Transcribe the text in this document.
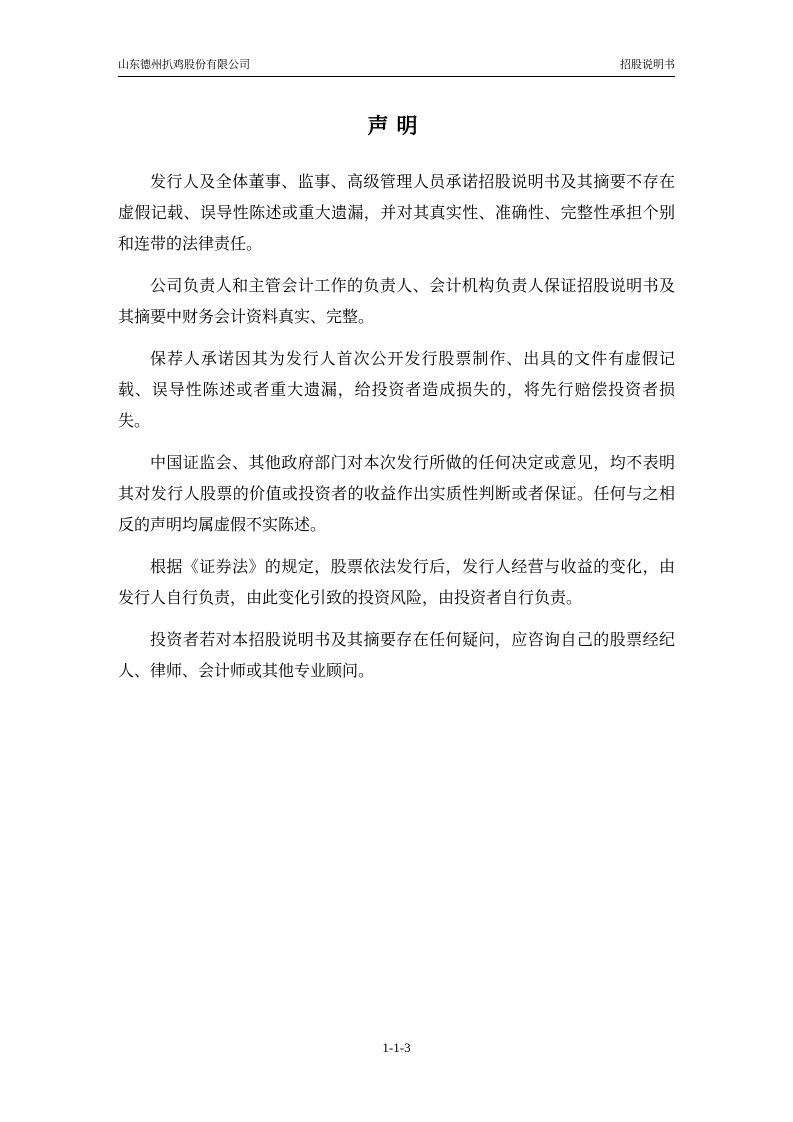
山东德州扒鸡股份有限公司	招股说明书
声明

发行人及全体董事、监事、高级管理人员承诺招股说明书及其摘要不存在虚假记载、误导性陈述或重大遗漏，并对其真实性、准确性、完整性承担个别和连带的法律责任。

公司负责人和主管会计工作的负责人、会计机构负责人保证招股说明书及其摘要中财务会计资料真实、完整。

保荐人承诺因其为发行人首次公开发行股票制作、出具的文件有虚假记载、误导性陈述或者重大遗漏，给投资者造成损失的，将先行赔偿投资者损失。

中国证监会、其他政府部门对本次发行所做的任何决定或意见，均不表明其对发行人股票的价值或投资者的收益作出实质性判断或者保证。任何与之相反的声明均属虚假不实陈述。

根据《证券法》的规定，股票依法发行后，发行人经营与收益的变化，由发行人自行负责，由此变化引致的投资风险，由投资者自行负责。

投资者若对本招股说明书及其摘要存在任何疑问，应咨询自己的股票经纪人、律师、会计师或其他专业顾问。

1-1-3
